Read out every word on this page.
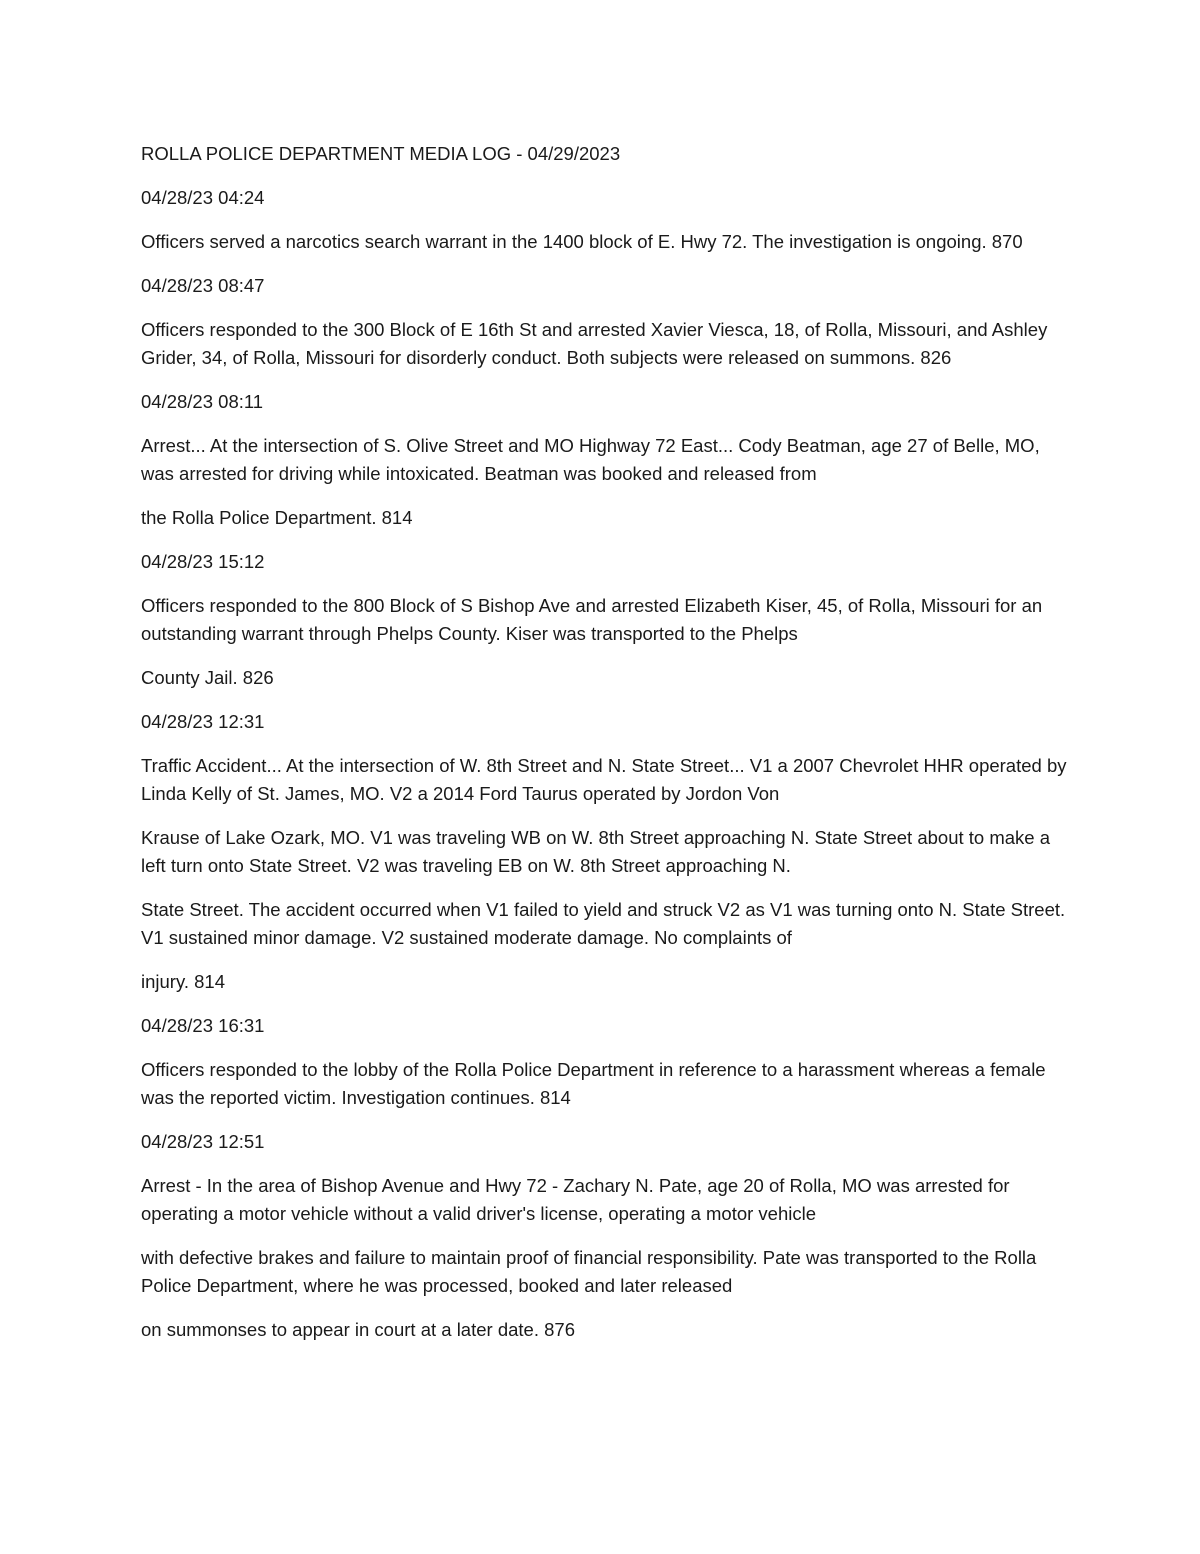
ROLLA POLICE DEPARTMENT MEDIA LOG - 04/29/2023

04/28/23 04:24

Officers served a narcotics search warrant in the 1400 block of E. Hwy 72. The investigation is ongoing. 870

04/28/23 08:47

Officers responded to the 300 Block of E 16th St and arrested Xavier Viesca, 18, of Rolla, Missouri, and Ashley Grider, 34, of Rolla, Missouri for disorderly conduct. Both subjects were released on summons. 826

04/28/23 08:11

Arrest... At the intersection of S. Olive Street and MO Highway 72 East... Cody Beatman, age 27 of Belle, MO, was arrested for driving while intoxicated. Beatman was booked and released from

the Rolla Police Department. 814

04/28/23 15:12

Officers responded to the 800 Block of S Bishop Ave and arrested Elizabeth Kiser, 45, of Rolla, Missouri for an outstanding warrant through Phelps County. Kiser was transported to the Phelps

County Jail. 826

04/28/23 12:31

Traffic Accident... At the intersection of W. 8th Street and N. State Street... V1 a 2007 Chevrolet HHR operated by Linda Kelly of St. James, MO. V2 a 2014 Ford Taurus operated by Jordon Von

Krause of Lake Ozark, MO. V1 was traveling WB on W. 8th Street approaching N. State Street about to make a left turn onto State Street. V2 was traveling EB on W. 8th Street approaching N.

State Street. The accident occurred when V1 failed to yield and struck V2 as V1 was turning onto N. State Street. V1 sustained minor damage. V2 sustained moderate damage. No complaints of

injury. 814

04/28/23 16:31

Officers responded to the lobby of the Rolla Police Department in reference to a harassment whereas a female was the reported victim. Investigation continues. 814

04/28/23 12:51

Arrest - In the area of Bishop Avenue and Hwy 72 - Zachary N. Pate, age 20 of Rolla, MO was arrested for operating a motor vehicle without a valid driver's license, operating a motor vehicle

with defective brakes and failure to maintain proof of financial responsibility. Pate was transported to the Rolla Police Department, where he was processed, booked and later released

on summonses to appear in court at a later date. 876
